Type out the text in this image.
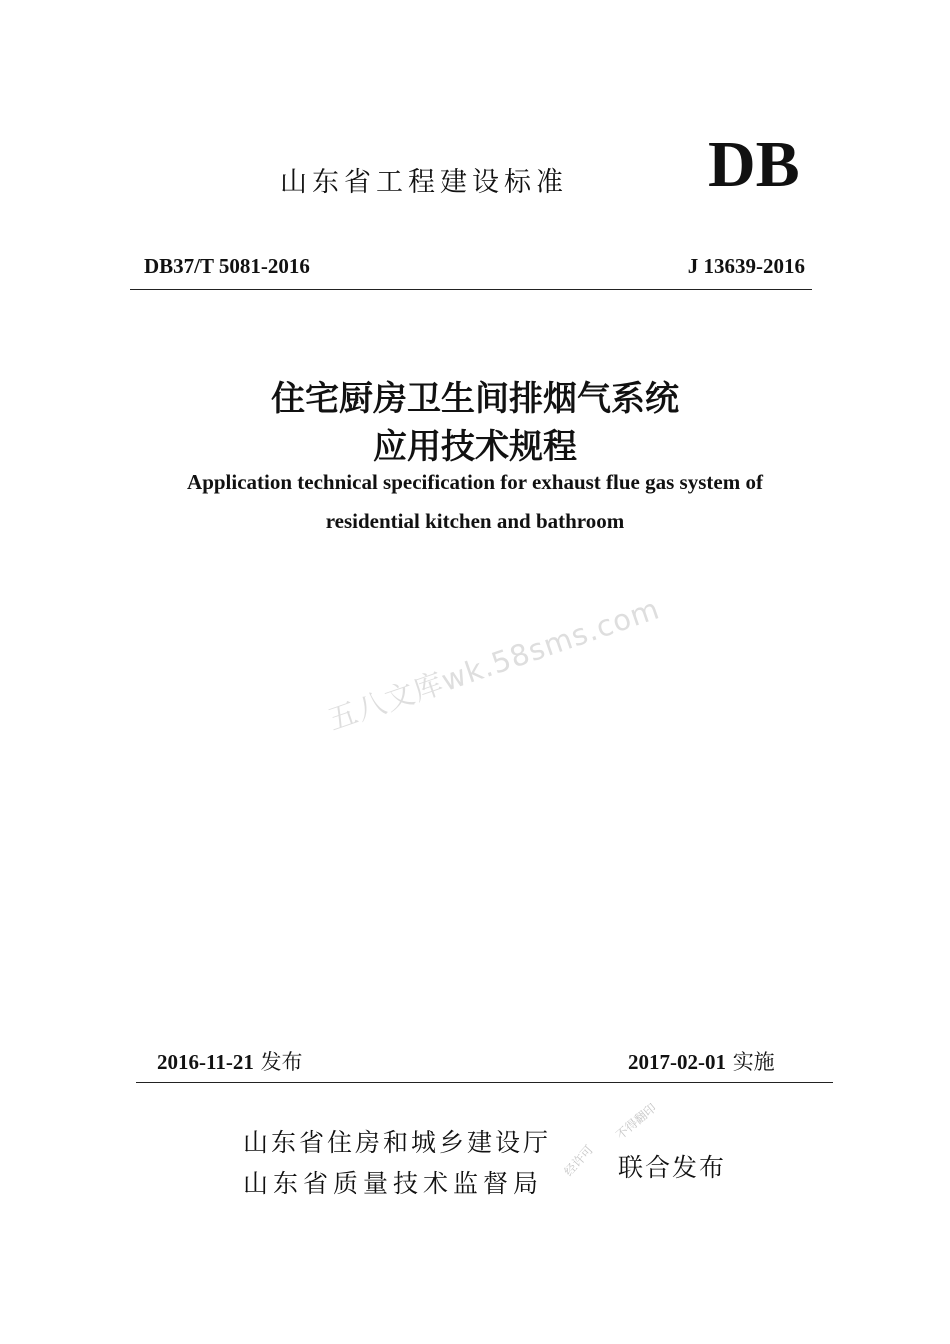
山东省工程建设标准 DB
DB37/T 5081-2016	J 13639-2016
住宅厨房卫生间排烟气系统
应用技术规程
Application technical specification for exhaust flue gas system of
residential kitchen and bathroom
五八文库wk.58sms.com
2016-11-21 发布	2017-02-01 实施
山东省住房和城乡建设厅
山东省质量技术监督局
联合发布
经许可
不得翻印
